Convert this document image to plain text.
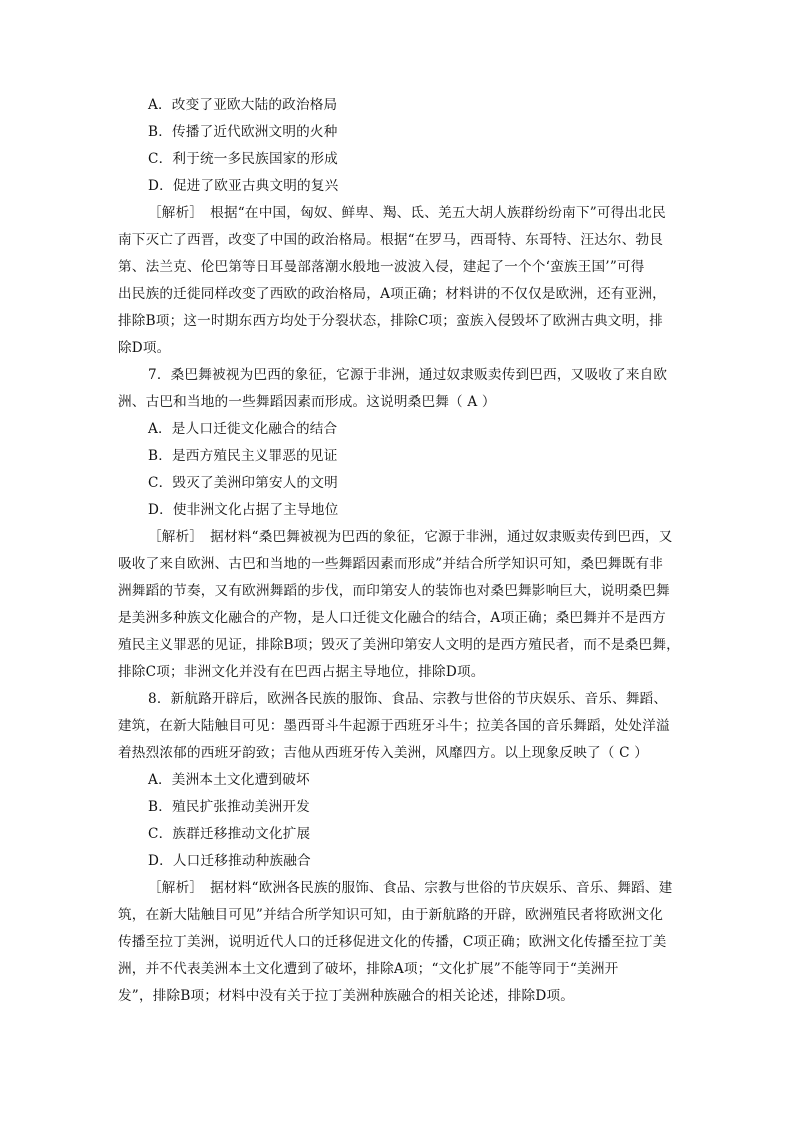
A．改变了亚欧大陆的政治格局

B．传播了近代欧洲文明的火种

C．利于统一多民族国家的形成

D．促进了欧亚古典文明的复兴

［解析］　根据“在中国，匈奴、鲜卑、羯、氐、羌五大胡人族群纷纷南下”可得出北民

南下灭亡了西晋，改变了中国的政治格局。根据“在罗马，西哥特、东哥特、汪达尔、勃艮

第、法兰克、伦巴第等日耳曼部落潮水般地一波波入侵，建起了一个个‘蛮族王国’”可得

出民族的迁徙同样改变了西欧的政治格局，A项正确；材料讲的不仅仅是欧洲，还有亚洲，

排除B项；这一时期东西方均处于分裂状态，排除C项；蛮族入侵毁坏了欧洲古典文明，排

除D项。

7．桑巴舞被视为巴西的象征，它源于非洲，通过奴隶贩卖传到巴西，又吸收了来自欧

洲、古巴和当地的一些舞蹈因素而形成。这说明桑巴舞（ A ）

A．是人口迁徙文化融合的结合

B．是西方殖民主义罪恶的见证

C．毁灭了美洲印第安人的文明

D．使非洲文化占据了主导地位

［解析］　据材料“桑巴舞被视为巴西的象征，它源于非洲，通过奴隶贩卖传到巴西，又

吸收了来自欧洲、古巴和当地的一些舞蹈因素而形成”并结合所学知识可知，桑巴舞既有非

洲舞蹈的节奏，又有欧洲舞蹈的步伐，而印第安人的装饰也对桑巴舞影响巨大，说明桑巴舞

是美洲多种族文化融合的产物，是人口迁徙文化融合的结合，A项正确；桑巴舞并不是西方

殖民主义罪恶的见证，排除B项；毁灭了美洲印第安人文明的是西方殖民者，而不是桑巴舞，

排除C项；非洲文化并没有在巴西占据主导地位，排除D项。

8．新航路开辟后，欧洲各民族的服饰、食品、宗教与世俗的节庆娱乐、音乐、舞蹈、

建筑，在新大陆触目可见：墨西哥斗牛起源于西班牙斗牛；拉美各国的音乐舞蹈，处处洋溢

着热烈浓郁的西班牙韵致；吉他从西班牙传入美洲，风靡四方。以上现象反映了（ C ）

A．美洲本土文化遭到破坏

B．殖民扩张推动美洲开发

C．族群迁移推动文化扩展

D．人口迁移推动种族融合

［解析］　据材料“欧洲各民族的服饰、食品、宗教与世俗的节庆娱乐、音乐、舞蹈、建

筑，在新大陆触目可见”并结合所学知识可知，由于新航路的开辟，欧洲殖民者将欧洲文化

传播至拉丁美洲，说明近代人口的迁移促进文化的传播，C项正确；欧洲文化传播至拉丁美

洲，并不代表美洲本土文化遭到了破坏，排除A项；“文化扩展”不能等同于“美洲开

发”，排除B项；材料中没有关于拉丁美洲种族融合的相关论述，排除D项。
